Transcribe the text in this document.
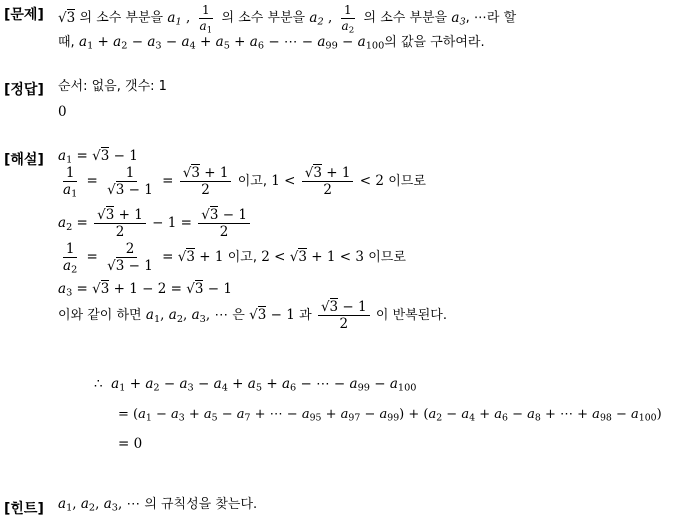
[문제] √	3 의 소수 부분을 $a_1$ , $\frac{1}{a_1}$ 의 소수 부분을 $a_2$ , $\frac{1}{a_2}$ 의 소수 부분을 $a_3$, ⋯라 할
때, $a_1 + a_2 - a_3 - a_4 + a_5 + a_6$ − ⋯ − $a_{99} - a_{100}$의 값을 구하여라.
[정답] 순서: 없음, 갯수: 1
0
[해설] $a_1$ = √ 3 − 1
$\frac{1}{a_1} = 1$
√ 3 − 1 = √ $\frac{3 + 1}{2}$ 이고, 1 < √ $\frac{3 + 1}{2} < 2$ 이므로
$a_2$ = √ $\frac{3 + 1}{2} - 1$ = √ $\frac{3 - 1}{2}$
$\frac{1}{a_2} = 2$
√ 3 − 1 = √ 3 + 1 이고, 2 < √ 3 + 1 < 3 이므로
$a_3$ = √ 3 + 1 − 2 = √ 3 − 1
이와 같이 하면 $a_1$, $a_2$, $a_3$, ⋯ 은 √ 3 − 1 과 √ $\frac{3 - 1}{2}$ 이 반복된다.
∴  $a_1 + a_2 - a_3 - a_4 + a_5 + a_6$ − ⋯ − $a_{99} - a_{100}$
= ($a_1 - a_3 + a_5 - a_7$ + ⋯ − $a_{95} + a_{97} - a_{99}) + (a_2 - a_4 + a_6 - a_8$ + ⋯ + $a_{98} - a_{100}$)
= 0
[힌트] $a_1$, $a_2$, $a_3$, ⋯ 의 규칙성을 찾는다.
